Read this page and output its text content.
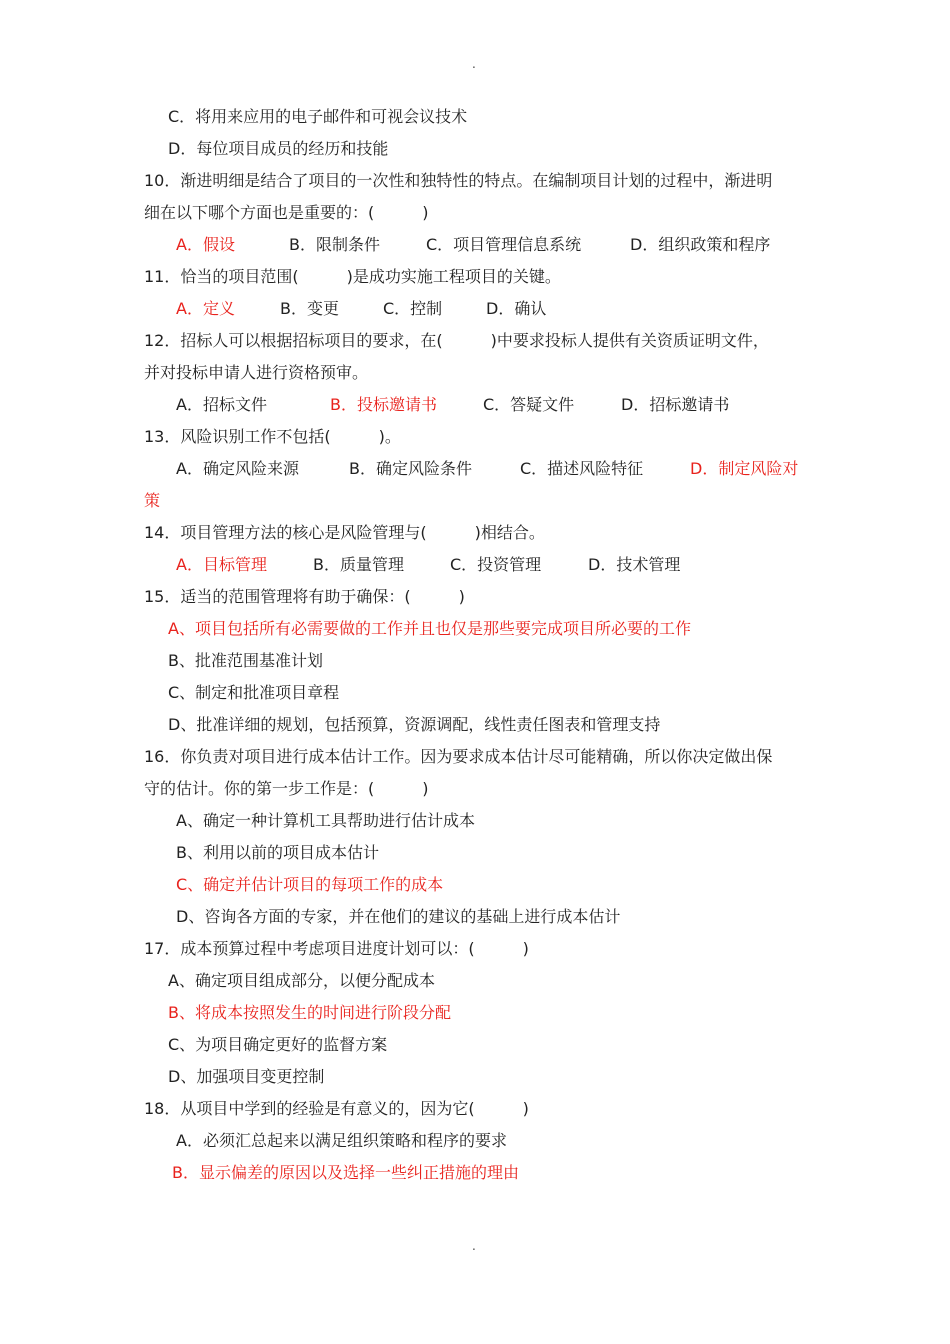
.
C．将用来应用的电子邮件和可视会议技术
D．每位项目成员的经历和技能
10．渐进明细是结合了项目的一次性和独特性的特点。在编制项目计划的过程中，渐进明
细在以下哪个方面也是重要的：(　　　)
A．假设	B．限制条件	C．项目管理信息系统	D．组织政策和程序
11．恰当的项目范围(　　　)是成功实施工程项目的关键。
A．定义	B．变更	C．控制	D．确认
12．招标人可以根据招标项目的要求，在(　　　)中要求投标人提供有关资质证明文件，
并对投标申请人进行资格预审。
A．招标文件	B．投标邀请书	C．答疑文件	D．招标邀请书
13．风险识别工作不包括(　　　)。
A．确定风险来源	B．确定风险条件	C．描述风险特征	D．制定风险对
策
14．项目管理方法的核心是风险管理与(　　　)相结合。
A．目标管理	B．质量管理	C．投资管理	D．技术管理
15．适当的范围管理将有助于确保：(　　　)
A、项目包括所有必需要做的工作并且也仅是那些要完成项目所必要的工作
B、批准范围基准计划
C、制定和批准项目章程
D、批准详细的规划，包括预算，资源调配，线性责任图表和管理支持
16．你负责对项目进行成本估计工作。因为要求成本估计尽可能精确，所以你决定做出保
守的估计。你的第一步工作是：(　　　)
A、确定一种计算机工具帮助进行估计成本
B、利用以前的项目成本估计
C、确定并估计项目的每项工作的成本
D、咨询各方面的专家，并在他们的建议的基础上进行成本估计
17．成本预算过程中考虑项目进度计划可以：(　　　)
A、确定项目组成部分，以便分配成本
B、将成本按照发生的时间进行阶段分配
C、为项目确定更好的监督方案
D、加强项目变更控制
18．从项目中学到的经验是有意义的，因为它(　　　)
A．必须汇总起来以满足组织策略和程序的要求
B．显示偏差的原因以及选择一些纠正措施的理由
.
